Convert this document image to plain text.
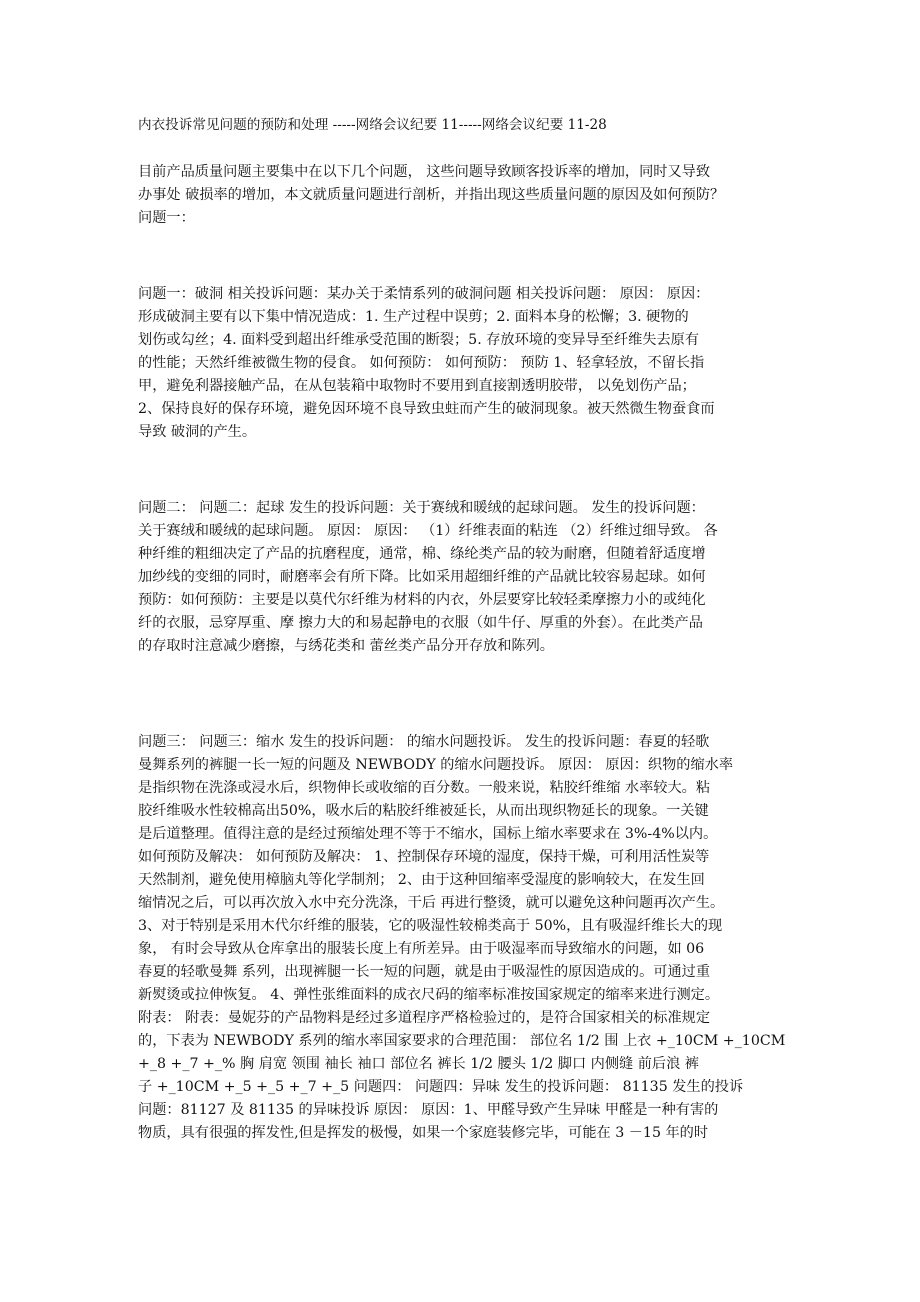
内衣投诉常见问题的预防和处理 -----网络会议纪要 11-----网络会议纪要 11-28
目前产品质量问题主要集中在以下几个问题， 这些问题导致顾客投诉率的增加，同时又导致
办事处 破损率的增加，本文就质量问题进行剖析，并指出现这些质量问题的原因及如何预防？
问题一：
问题一：破洞 相关投诉问题：某办关于柔情系列的破洞问题 相关投诉问题： 原因： 原因：
形成破洞主要有以下集中情况造成：1. 生产过程中误剪；2. 面料本身的松懈；3. 硬物的
划伤或勾丝；4. 面料受到超出纤维承受范围的断裂；5. 存放环境的变异导至纤维失去原有
的性能；天然纤维被微生物的侵食。 如何预防： 如何预防： 预防 1、轻拿轻放，不留长指
甲，避免利器接触产品，在从包装箱中取物时不要用到直接割透明胶带， 以免划伤产品；
2、保持良好的保存环境，避免因环境不良导致虫蛀而产生的破洞现象。被天然微生物蚕食而
导致 破洞的产生。
问题二： 问题二：起球 发生的投诉问题：关于赛绒和暖绒的起球问题。 发生的投诉问题：
关于赛绒和暖绒的起球问题。 原因： 原因： （1）纤维表面的粘连 （2）纤维过细导致。 各
种纤维的粗细决定了产品的抗磨程度，通常，棉、绦纶类产品的较为耐磨，但随着舒适度增
加纱线的变细的同时，耐磨率会有所下降。比如采用超细纤维的产品就比较容易起球。如何
预防：如何预防：主要是以莫代尔纤维为材料的内衣，外层要穿比较轻柔摩擦力小的或纯化
纤的衣服，忌穿厚重、摩 擦力大的和易起静电的衣服（如牛仔、厚重的外套）。在此类产品
的存取时注意减少磨擦，与绣花类和 蕾丝类产品分开存放和陈列。
问题三： 问题三：缩水 发生的投诉问题： 的缩水问题投诉。 发生的投诉问题：春夏的轻歌
曼舞系列的裤腿一长一短的问题及 NEWBODY 的缩水问题投诉。 原因： 原因：织物的缩水率
是指织物在洗涤或浸水后，织物伸长或收缩的百分数。一般来说，粘胶纤维缩 水率较大。粘
胶纤维吸水性较棉高出50%，吸水后的粘胶纤维被延长，从而出现织物延长的现象。一关键
是后道整理。值得注意的是经过预缩处理不等于不缩水，国标上缩水率要求在 3%-4%以内。
如何预防及解决： 如何预防及解决： 1、控制保存环境的湿度，保持干燥，可利用活性炭等
天然制剂，避免使用樟脑丸等化学制剂； 2、由于这种回缩率受湿度的影响较大，在发生回
缩情况之后，可以再次放入水中充分洗涤，干后 再进行整烫，就可以避免这种问题再次产生。
3、对于特别是采用木代尔纤维的服装，它的吸湿性较棉类高于 50%，且有吸湿纤维长大的现
象， 有时会导致从仓库拿出的服装长度上有所差异。由于吸湿率而导致缩水的问题，如 06
春夏的轻歌曼舞 系列，出现裤腿一长一短的问题，就是由于吸湿性的原因造成的。可通过重
新熨烫或拉伸恢复。 4、弹性张维面料的成衣尺码的缩率标准按国家规定的缩率来进行测定。
附表： 附表：曼妮芬的产品物料是经过多道程序严格检验过的，是符合国家相关的标准规定
的，下表为 NEWBODY 系列的缩水率国家要求的合理范围： 部位名 1/2 围 上衣 +_10CM +_10CM
+_8 +_7 +_% 胸 肩宽 领围 袖长 袖口 部位名 裤长 1/2 腰头 1/2 脚口 内侧缝 前后浪 裤
子 +_10CM +_5 +_5 +_7 +_5 问题四： 问题四：异味 发生的投诉问题： 81135 发生的投诉
问题：81127 及 81135 的异味投诉 原因： 原因：1、甲醛导致产生异味 甲醛是一种有害的
物质，具有很强的挥发性,但是挥发的极慢，如果一个家庭装修完毕，可能在 3 －15 年的时
